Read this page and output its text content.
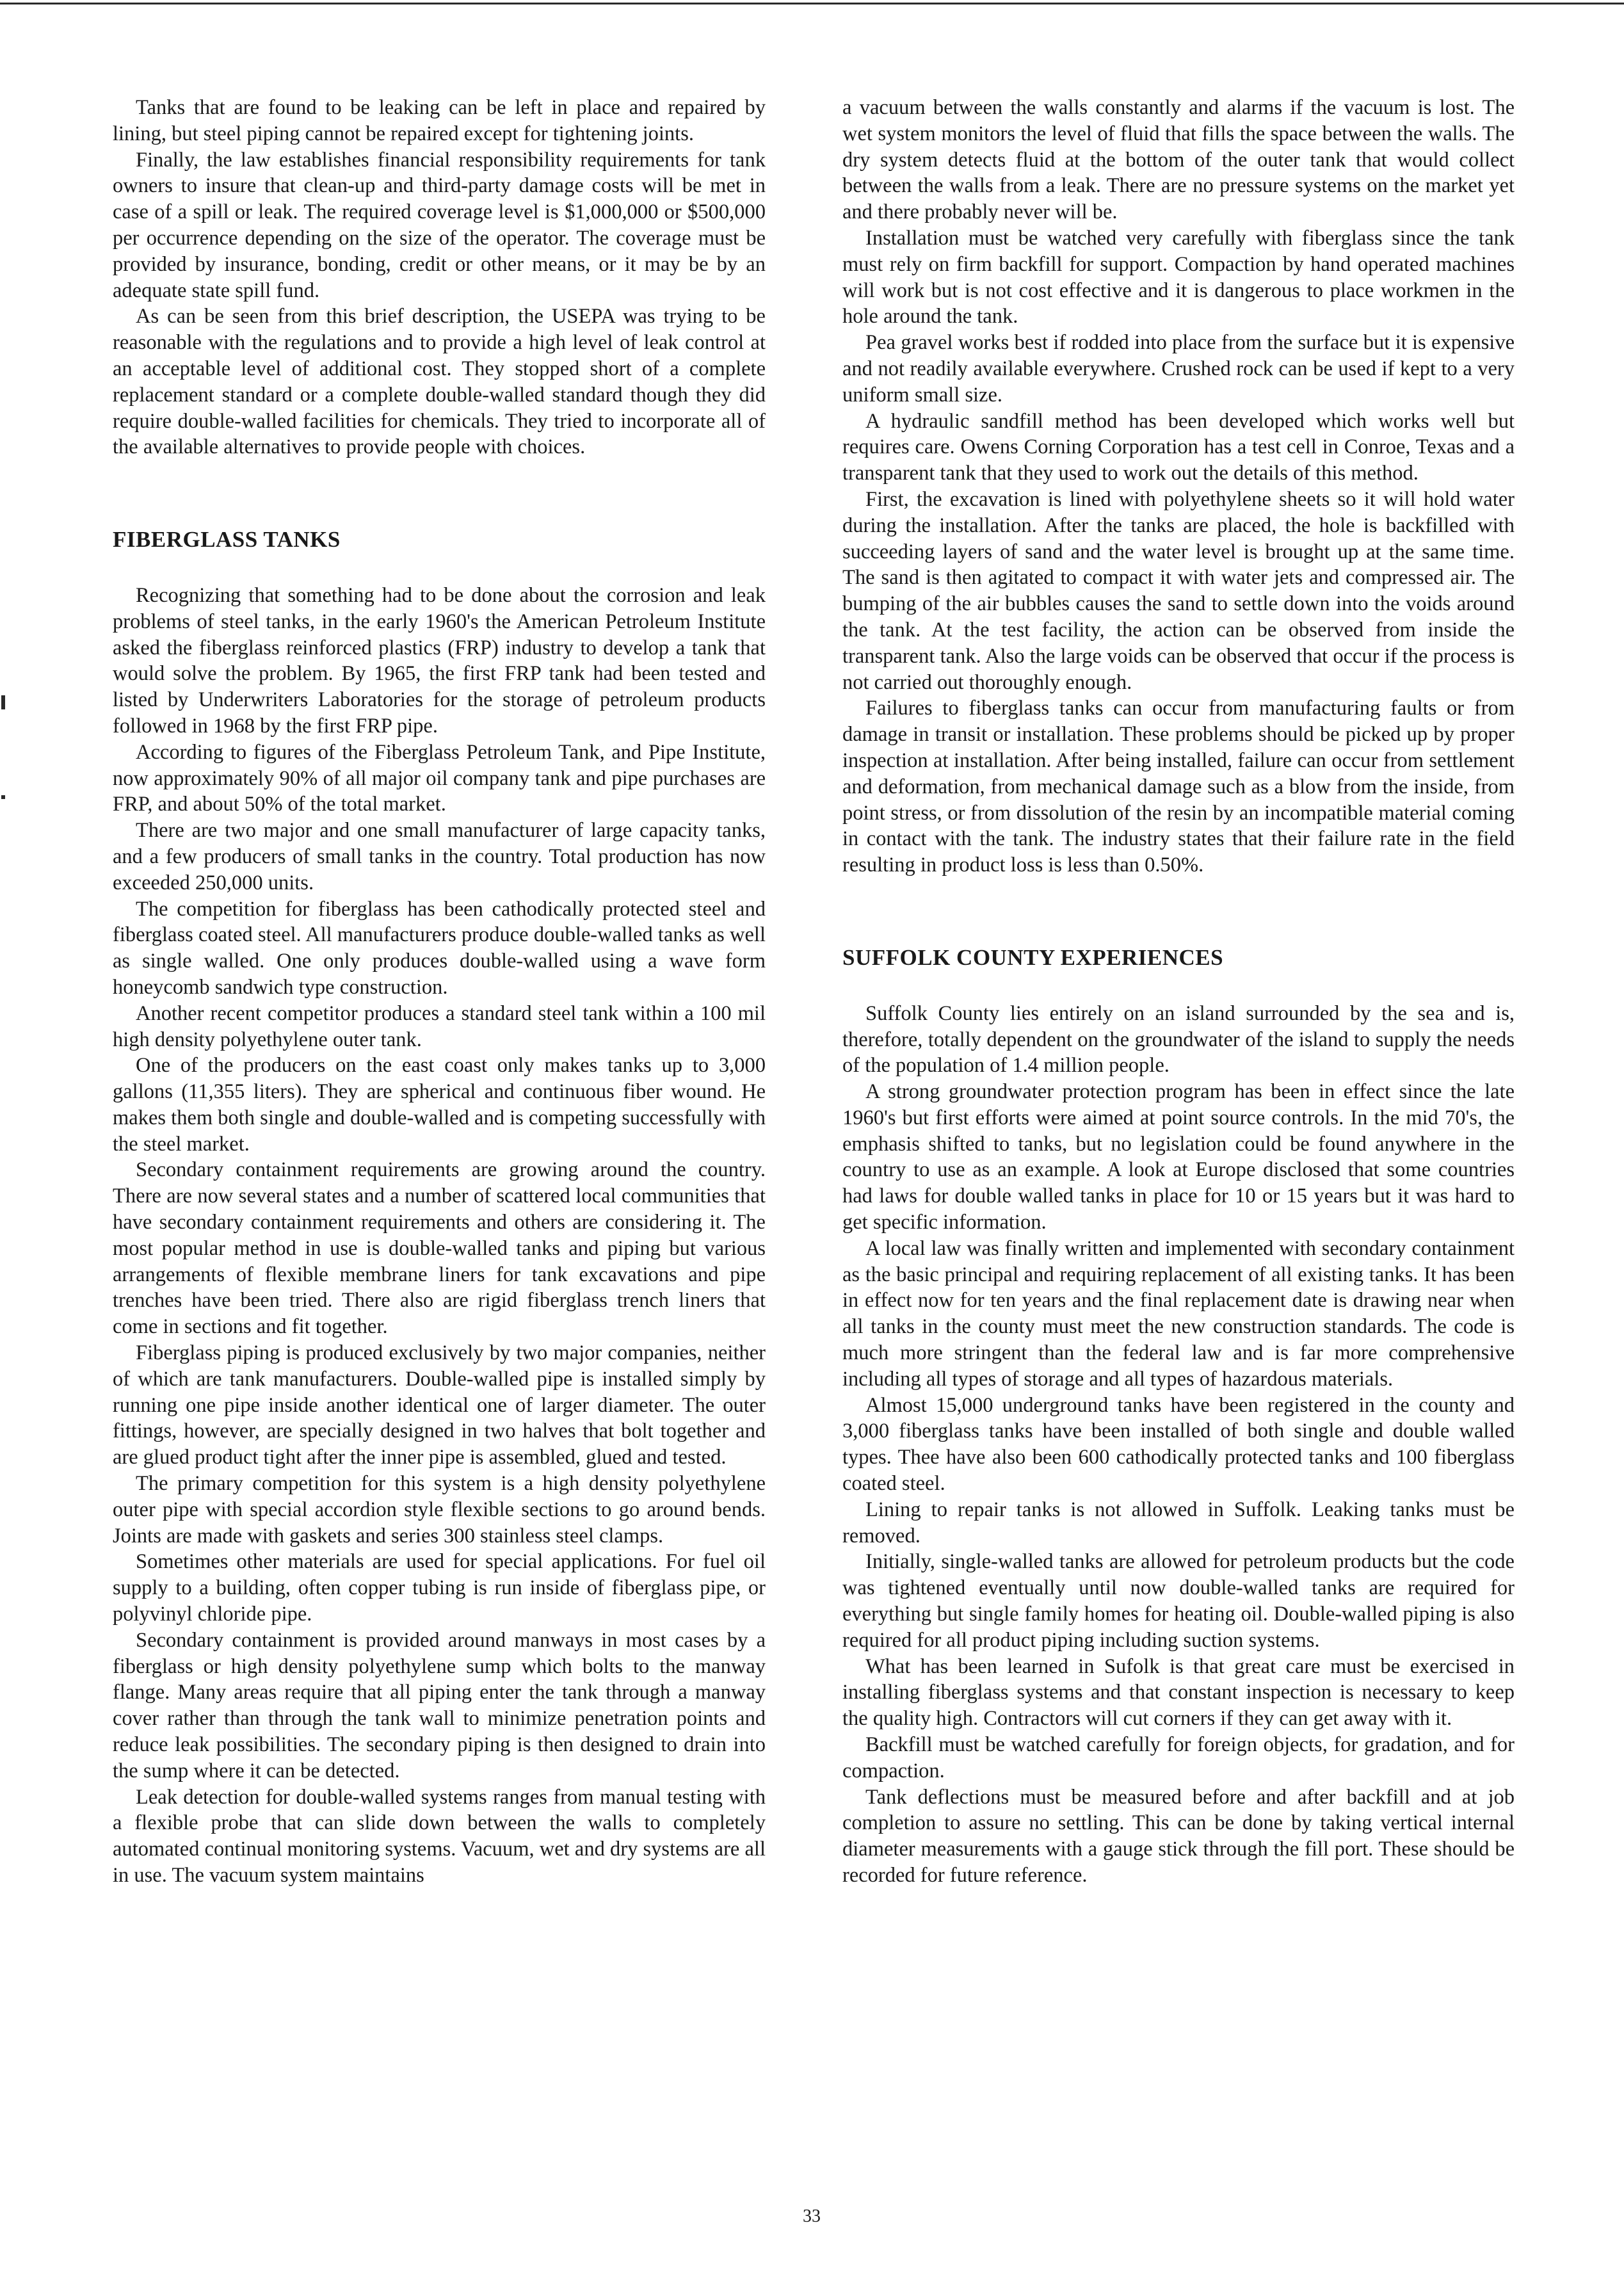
Tanks that are found to be leaking can be left in place and repaired by lining, but steel piping cannot be repaired except for tightening joints.

Finally, the law establishes financial responsibility requirements for tank owners to insure that clean-up and third-party damage costs will be met in case of a spill or leak. The required coverage level is $1,000,000 or $500,000 per occurrence depending on the size of the operator. The coverage must be provided by insurance, bonding, credit or other means, or it may be by an adequate state spill fund.

As can be seen from this brief description, the USEPA was trying to be reasonable with the regulations and to provide a high level of leak control at an acceptable level of additional cost. They stopped short of a complete replacement standard or a complete double-walled standard though they did require double-walled facilities for chemicals. They tried to incorporate all of the available alternatives to provide people with choices.

FIBERGLASS TANKS

Recognizing that something had to be done about the corrosion and leak problems of steel tanks, in the early 1960's the American Petroleum Institute asked the fiberglass reinforced plastics (FRP) industry to develop a tank that would solve the problem. By 1965, the first FRP tank had been tested and listed by Underwriters Laboratories for the storage of petroleum products followed in 1968 by the first FRP pipe.

According to figures of the Fiberglass Petroleum Tank, and Pipe Institute, now approximately 90% of all major oil company tank and pipe purchases are FRP, and about 50% of the total market.

There are two major and one small manufacturer of large capacity tanks, and a few producers of small tanks in the country. Total production has now exceeded 250,000 units.

The competition for fiberglass has been cathodically protected steel and fiberglass coated steel. All manufacturers produce double-walled tanks as well as single walled. One only produces double-walled using a wave form honeycomb sandwich type construction.

Another recent competitor produces a standard steel tank within a 100 mil high density polyethylene outer tank.

One of the producers on the east coast only makes tanks up to 3,000 gallons (11,355 liters). They are spherical and continuous fiber wound. He makes them both single and double-walled and is competing successfully with the steel market.

Secondary containment requirements are growing around the country. There are now several states and a number of scattered local communities that have secondary containment requirements and others are considering it. The most popular method in use is double-walled tanks and piping but various arrangements of flexible membrane liners for tank excavations and pipe trenches have been tried. There also are rigid fiberglass trench liners that come in sections and fit together.

Fiberglass piping is produced exclusively by two major companies, neither of which are tank manufacturers. Double-walled pipe is installed simply by running one pipe inside another identical one of larger diameter. The outer fittings, however, are specially designed in two halves that bolt together and are glued product tight after the inner pipe is assembled, glued and tested.

The primary competition for this system is a high density polyethylene outer pipe with special accordion style flexible sections to go around bends. Joints are made with gaskets and series 300 stainless steel clamps.

Sometimes other materials are used for special applications. For fuel oil supply to a building, often copper tubing is run inside of fiberglass pipe, or polyvinyl chloride pipe.

Secondary containment is provided around manways in most cases by a fiberglass or high density polyethylene sump which bolts to the manway flange. Many areas require that all piping enter the tank through a manway cover rather than through the tank wall to minimize penetration points and reduce leak possibilities. The secondary piping is then designed to drain into the sump where it can be detected.

Leak detection for double-walled systems ranges from manual testing with a flexible probe that can slide down between the walls to completely automated continual monitoring systems. Vacuum, wet and dry systems are all in use. The vacuum system maintains

a vacuum between the walls constantly and alarms if the vacuum is lost. The wet system monitors the level of fluid that fills the space between the walls. The dry system detects fluid at the bottom of the outer tank that would collect between the walls from a leak. There are no pressure systems on the market yet and there probably never will be.

Installation must be watched very carefully with fiberglass since the tank must rely on firm backfill for support. Compaction by hand operated machines will work but is not cost effective and it is dangerous to place workmen in the hole around the tank.

Pea gravel works best if rodded into place from the surface but it is expensive and not readily available everywhere. Crushed rock can be used if kept to a very uniform small size.

A hydraulic sandfill method has been developed which works well but requires care. Owens Corning Corporation has a test cell in Conroe, Texas and a transparent tank that they used to work out the details of this method.

First, the excavation is lined with polyethylene sheets so it will hold water during the installation. After the tanks are placed, the hole is backfilled with succeeding layers of sand and the water level is brought up at the same time. The sand is then agitated to compact it with water jets and compressed air. The bumping of the air bubbles causes the sand to settle down into the voids around the tank. At the test facility, the action can be observed from inside the transparent tank. Also the large voids can be observed that occur if the process is not carried out thoroughly enough.

Failures to fiberglass tanks can occur from manufacturing faults or from damage in transit or installation. These problems should be picked up by proper inspection at installation. After being installed, failure can occur from settlement and deformation, from mechanical damage such as a blow from the inside, from point stress, or from dissolution of the resin by an incompatible material coming in contact with the tank. The industry states that their failure rate in the field resulting in product loss is less than 0.50%.

SUFFOLK COUNTY EXPERIENCES

Suffolk County lies entirely on an island surrounded by the sea and is, therefore, totally dependent on the groundwater of the island to supply the needs of the population of 1.4 million people.

A strong groundwater protection program has been in effect since the late 1960's but first efforts were aimed at point source controls. In the mid 70's, the emphasis shifted to tanks, but no legislation could be found anywhere in the country to use as an example. A look at Europe disclosed that some countries had laws for double walled tanks in place for 10 or 15 years but it was hard to get specific information.

A local law was finally written and implemented with secondary containment as the basic principal and requiring replacement of all existing tanks. It has been in effect now for ten years and the final replacement date is drawing near when all tanks in the county must meet the new construction standards. The code is much more stringent than the federal law and is far more comprehensive including all types of storage and all types of hazardous materials.

Almost 15,000 underground tanks have been registered in the county and 3,000 fiberglass tanks have been installed of both single and double walled types. Thee have also been 600 cathodically protected tanks and 100 fiberglass coated steel.

Lining to repair tanks is not allowed in Suffolk. Leaking tanks must be removed.

Initially, single-walled tanks are allowed for petroleum products but the code was tightened eventually until now double-walled tanks are required for everything but single family homes for heating oil. Double-walled piping is also required for all product piping including suction systems.

What has been learned in Sufolk is that great care must be exercised in installing fiberglass systems and that constant inspection is necessary to keep the quality high. Contractors will cut corners if they can get away with it.

Backfill must be watched carefully for foreign objects, for gradation, and for compaction.

Tank deflections must be measured before and after backfill and at job completion to assure no settling. This can be done by taking vertical internal diameter measurements with a gauge stick through the fill port. These should be recorded for future reference.

33
